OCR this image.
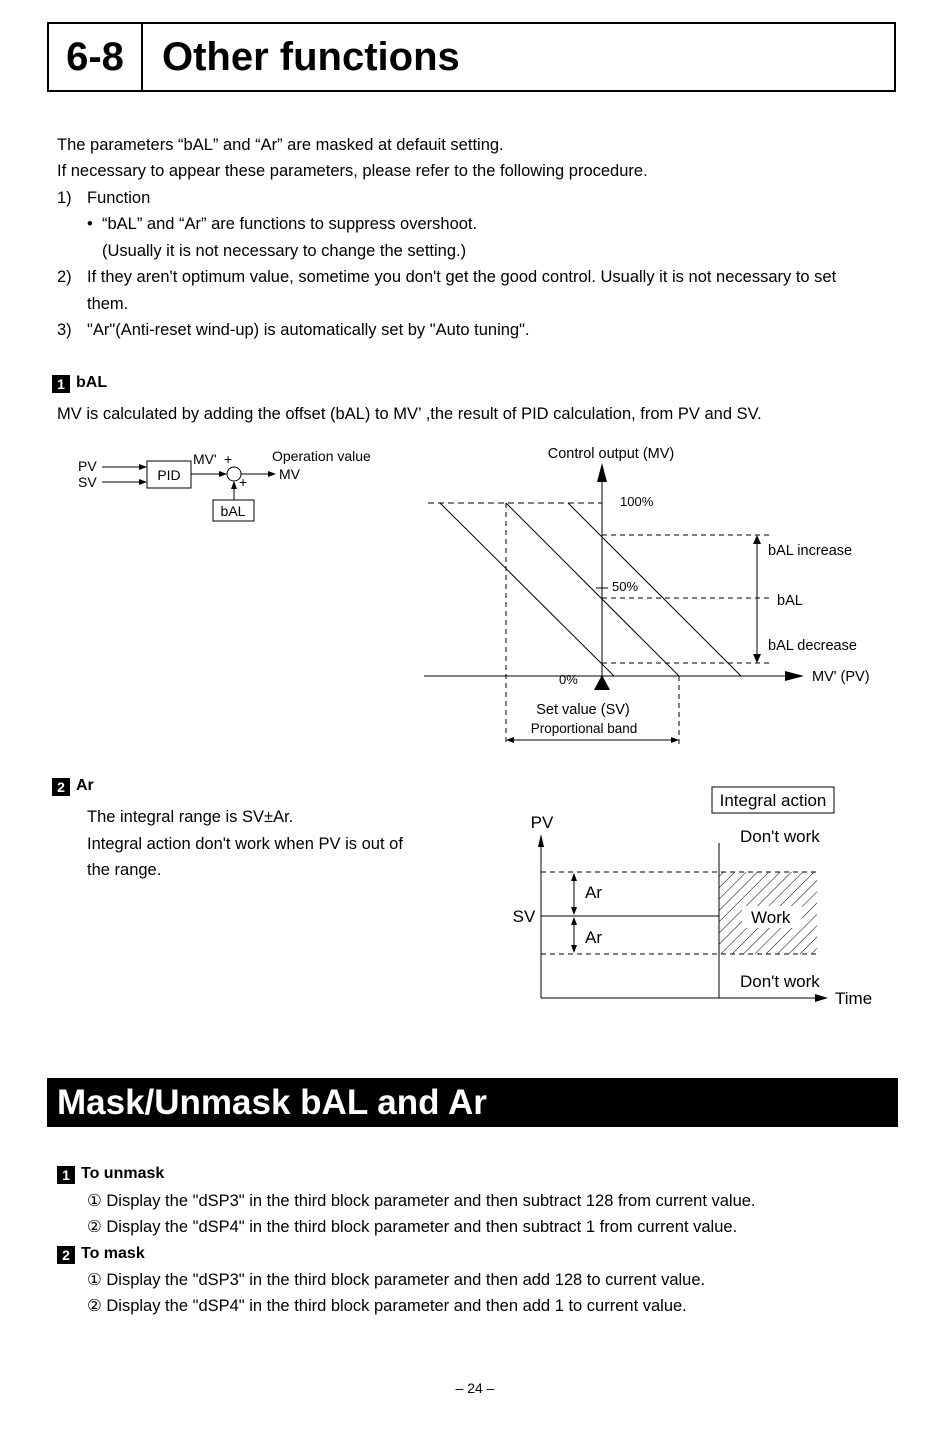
6-8 Other functions
The parameters “bAL” and “Ar” are masked at defauit setting.
If necessary to appear these parameters, please refer to the following procedure.
1) Function
• “bAL” and “Ar” are functions to suppress overshoot.
(Usually it is not necessary to change the setting.)
2) If they aren't optimum value, sometime you don't get the good control. Usually it is not necessary to set
them.
3) "Ar"(Anti-reset wind-up) is automatically set by "Auto tuning".
1 bAL
MV is calculated by adding the offset (bAL) to MV’ ,the result of PID calculation, from PV and SV.
PV
SV	PID
MV' +
+
Operation value
MV
bAL
Control output (MV)
MV' (PV)
100%
50%
0%
bAL increase
bAL
bAL decrease
Set value (SV)
Proportional band
Integral action
PV
Time
SV
Ar
Ar
Don't work
Work
Don't work
2 Ar
The integral range is SV±Ar.
Integral action don't work when PV is out of
the range.
Mask/Unmask bAL and Ar
1 To unmask
① Display the "dSP3" in the third block parameter and then subtract 128 from current value.
② Display the "dSP4" in the third block parameter and then subtract 1 from current value.
2 To mask
① Display the "dSP3" in the third block parameter and then add 128 to current value.
② Display the "dSP4" in the third block parameter and then add 1 to current value.
– 24 –
